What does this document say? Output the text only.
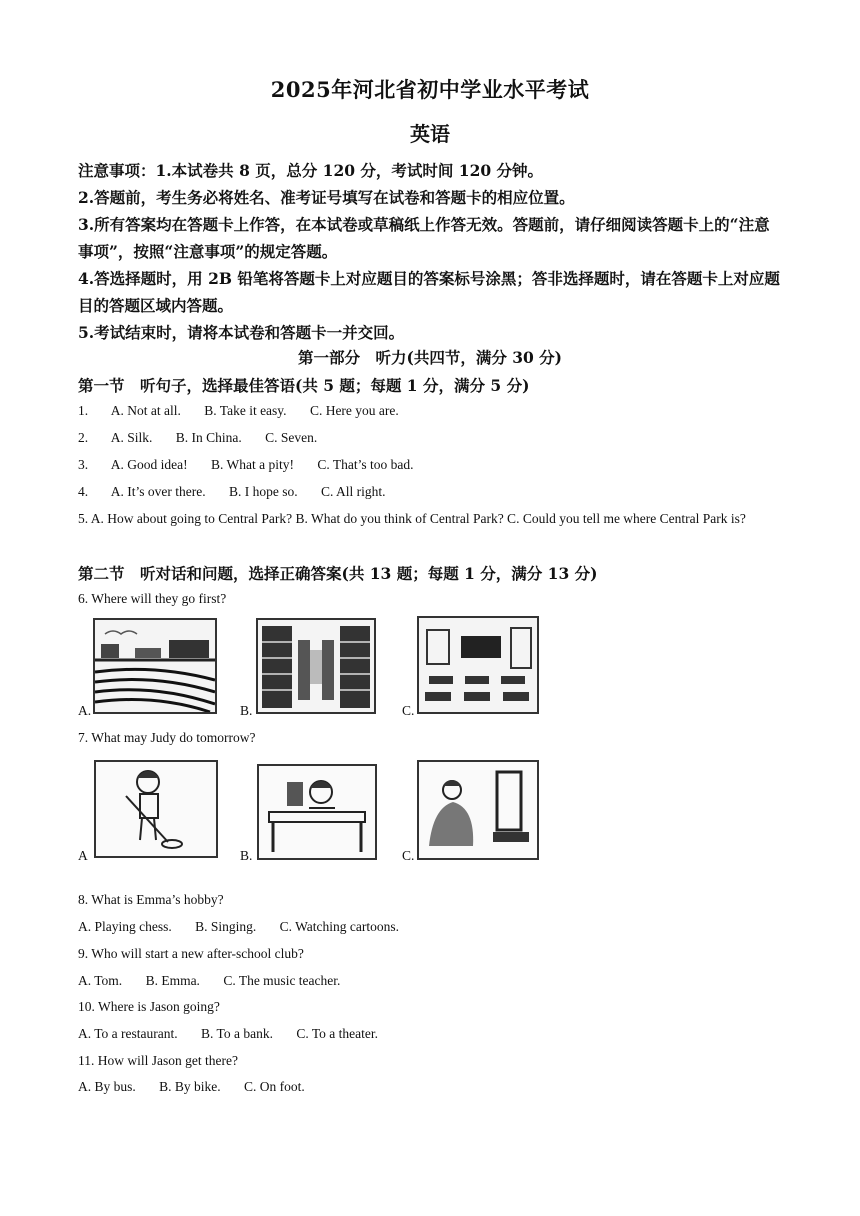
2025年河北省初中学业水平考试
英语

注意事项：1.本试卷共 8 页，总分 120 分，考试时间 120 分钟。

2.答题前，考生务必将姓名、准考证号填写在试卷和答题卡的相应位置。

3.所有答案均在答题卡上作答，在本试卷或草稿纸上作答无效。答题前，请仔细阅读答题卡上的“注意事项”，按照“注意事项”的规定答题。

4.答选择题时，用 2B 铅笔将答题卡上对应题目的答案标号涂黑；答非选择题时，请在答题卡上对应题目的答题区域内答题。

5.考试结束时，请将本试卷和答题卡一并交回。

第一部分　听力(共四节，满分 30 分)
第一节　听句子，选择最佳答语(共 5 题；每题 1 分，满分 5 分)
1. A. Not at all. B. Take it easy. C. Here you are.
2. A. Silk. B. In China. C. Seven.
3. A. Good idea! B. What a pity! C. That’s too bad.
4. A. It’s over there. B. I hope so. C. All right.
5. A. How about going to Central Park? B. What do you think of Central Park? C. Could you tell me where Central Park is?
第二节　听对话和问题，选择正确答案(共 13 题；每题 1 分，满分 13 分)
6. Where will they go first?
A.	B.	C.
7. What may Judy do tomorrow?
A	B.	C.
8. What is Emma’s hobby?
A. Playing chess. B. Singing. C. Watching cartoons.
9. Who will start a new after-school club?
A. Tom. B. Emma. C. The music teacher.
10. Where is Jason going?
A. To a restaurant. B. To a bank. C. To a theater.
11. How will Jason get there?
A. By bus. B. By bike. C. On foot.
